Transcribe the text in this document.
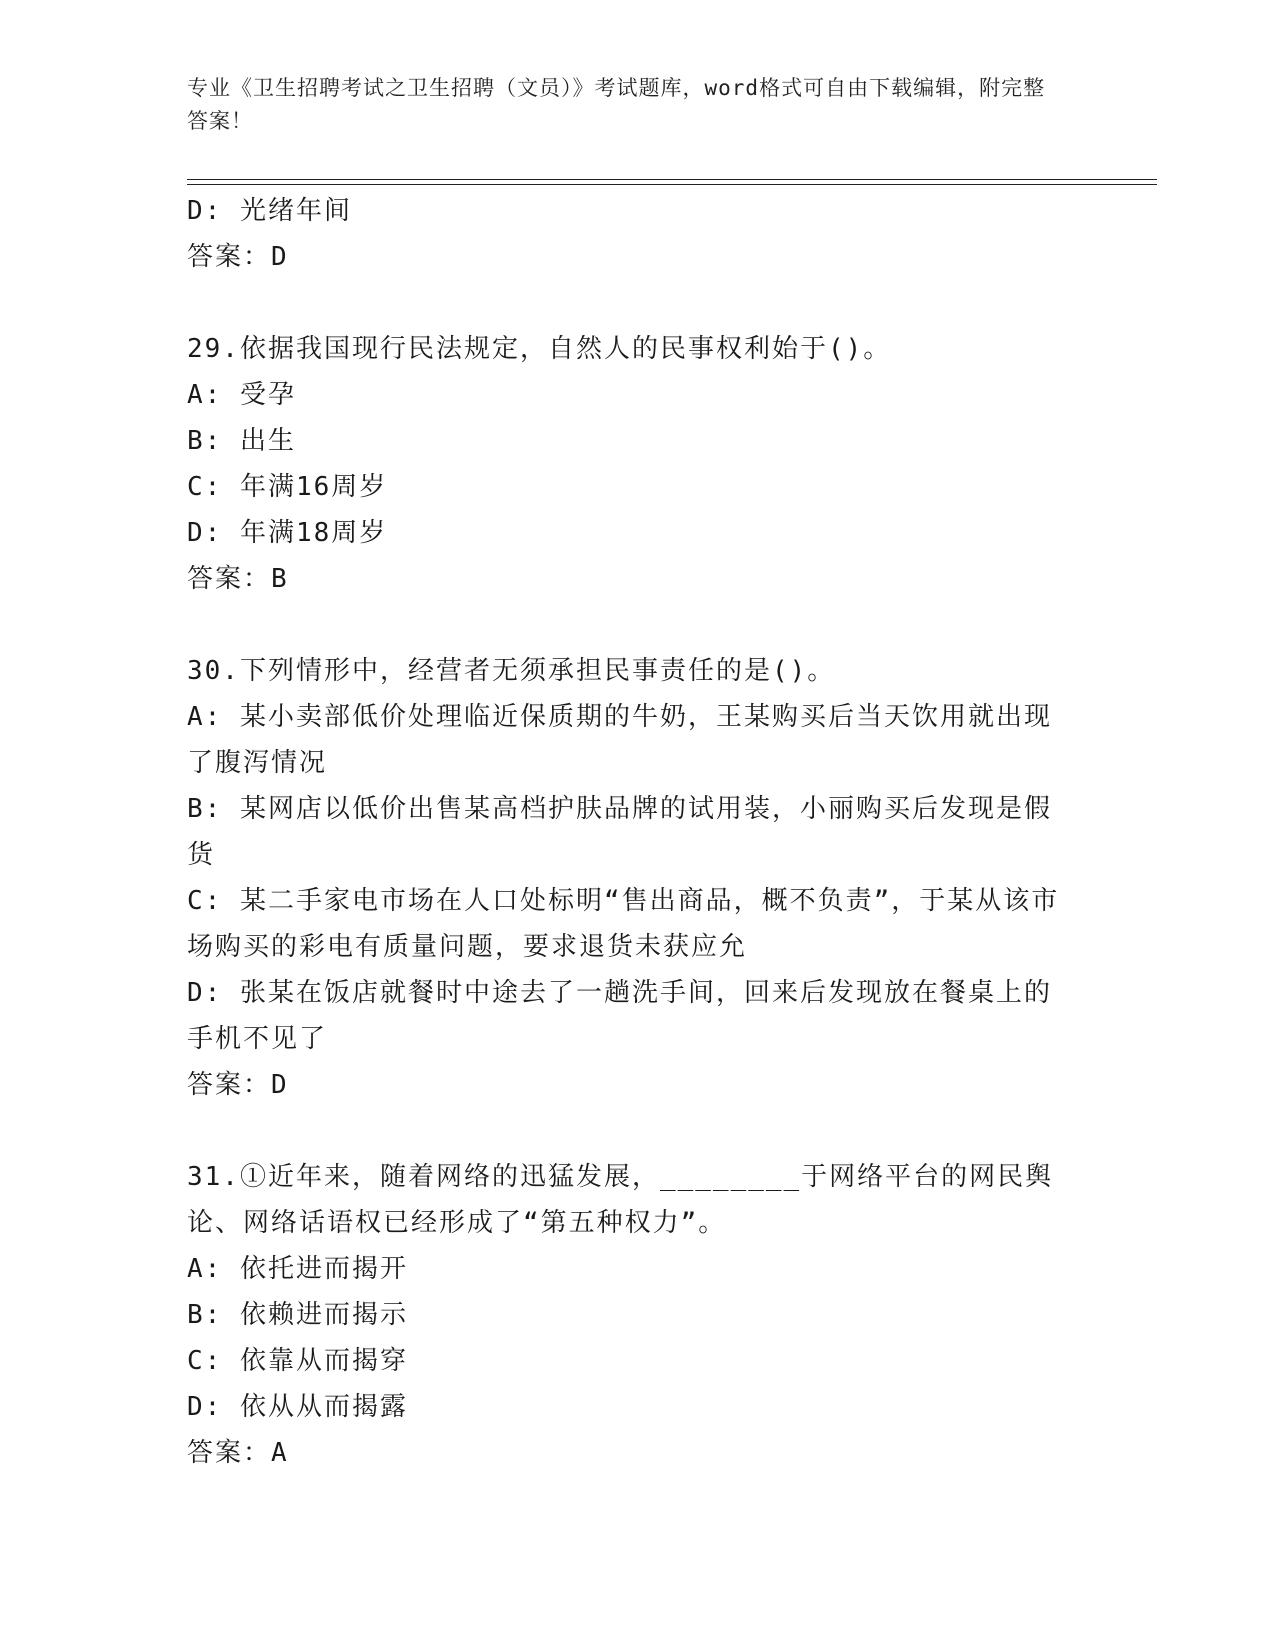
专业《卫生招聘考试之卫生招聘（文员）》考试题库，word格式可自由下载编辑，附完整答案！
D: 光绪年间
答案：D
29.依据我国现行民法规定，自然人的民事权利始于()。
A: 受孕
B: 出生
C: 年满16周岁
D: 年满18周岁
答案：B
30.下列情形中，经营者无须承担民事责任的是()。
A: 某小卖部低价处理临近保质期的牛奶，王某购买后当天饮用就出现了腹泻情况
B: 某网店以低价出售某高档护肤品牌的试用装，小丽购买后发现是假货
C: 某二手家电市场在人口处标明“售出商品，概不负责”，于某从该市场购买的彩电有质量问题，要求退货未获应允
D: 张某在饭店就餐时中途去了一趟洗手间，回来后发现放在餐桌上的手机不见了
答案：D
31.①近年来，随着网络的迅猛发展，________于网络平台的网民舆论、网络话语权已经形成了“第五种权力”。
A: 依托进而揭开
B: 依赖进而揭示
C: 依靠从而揭穿
D: 依从从而揭露
答案：A
